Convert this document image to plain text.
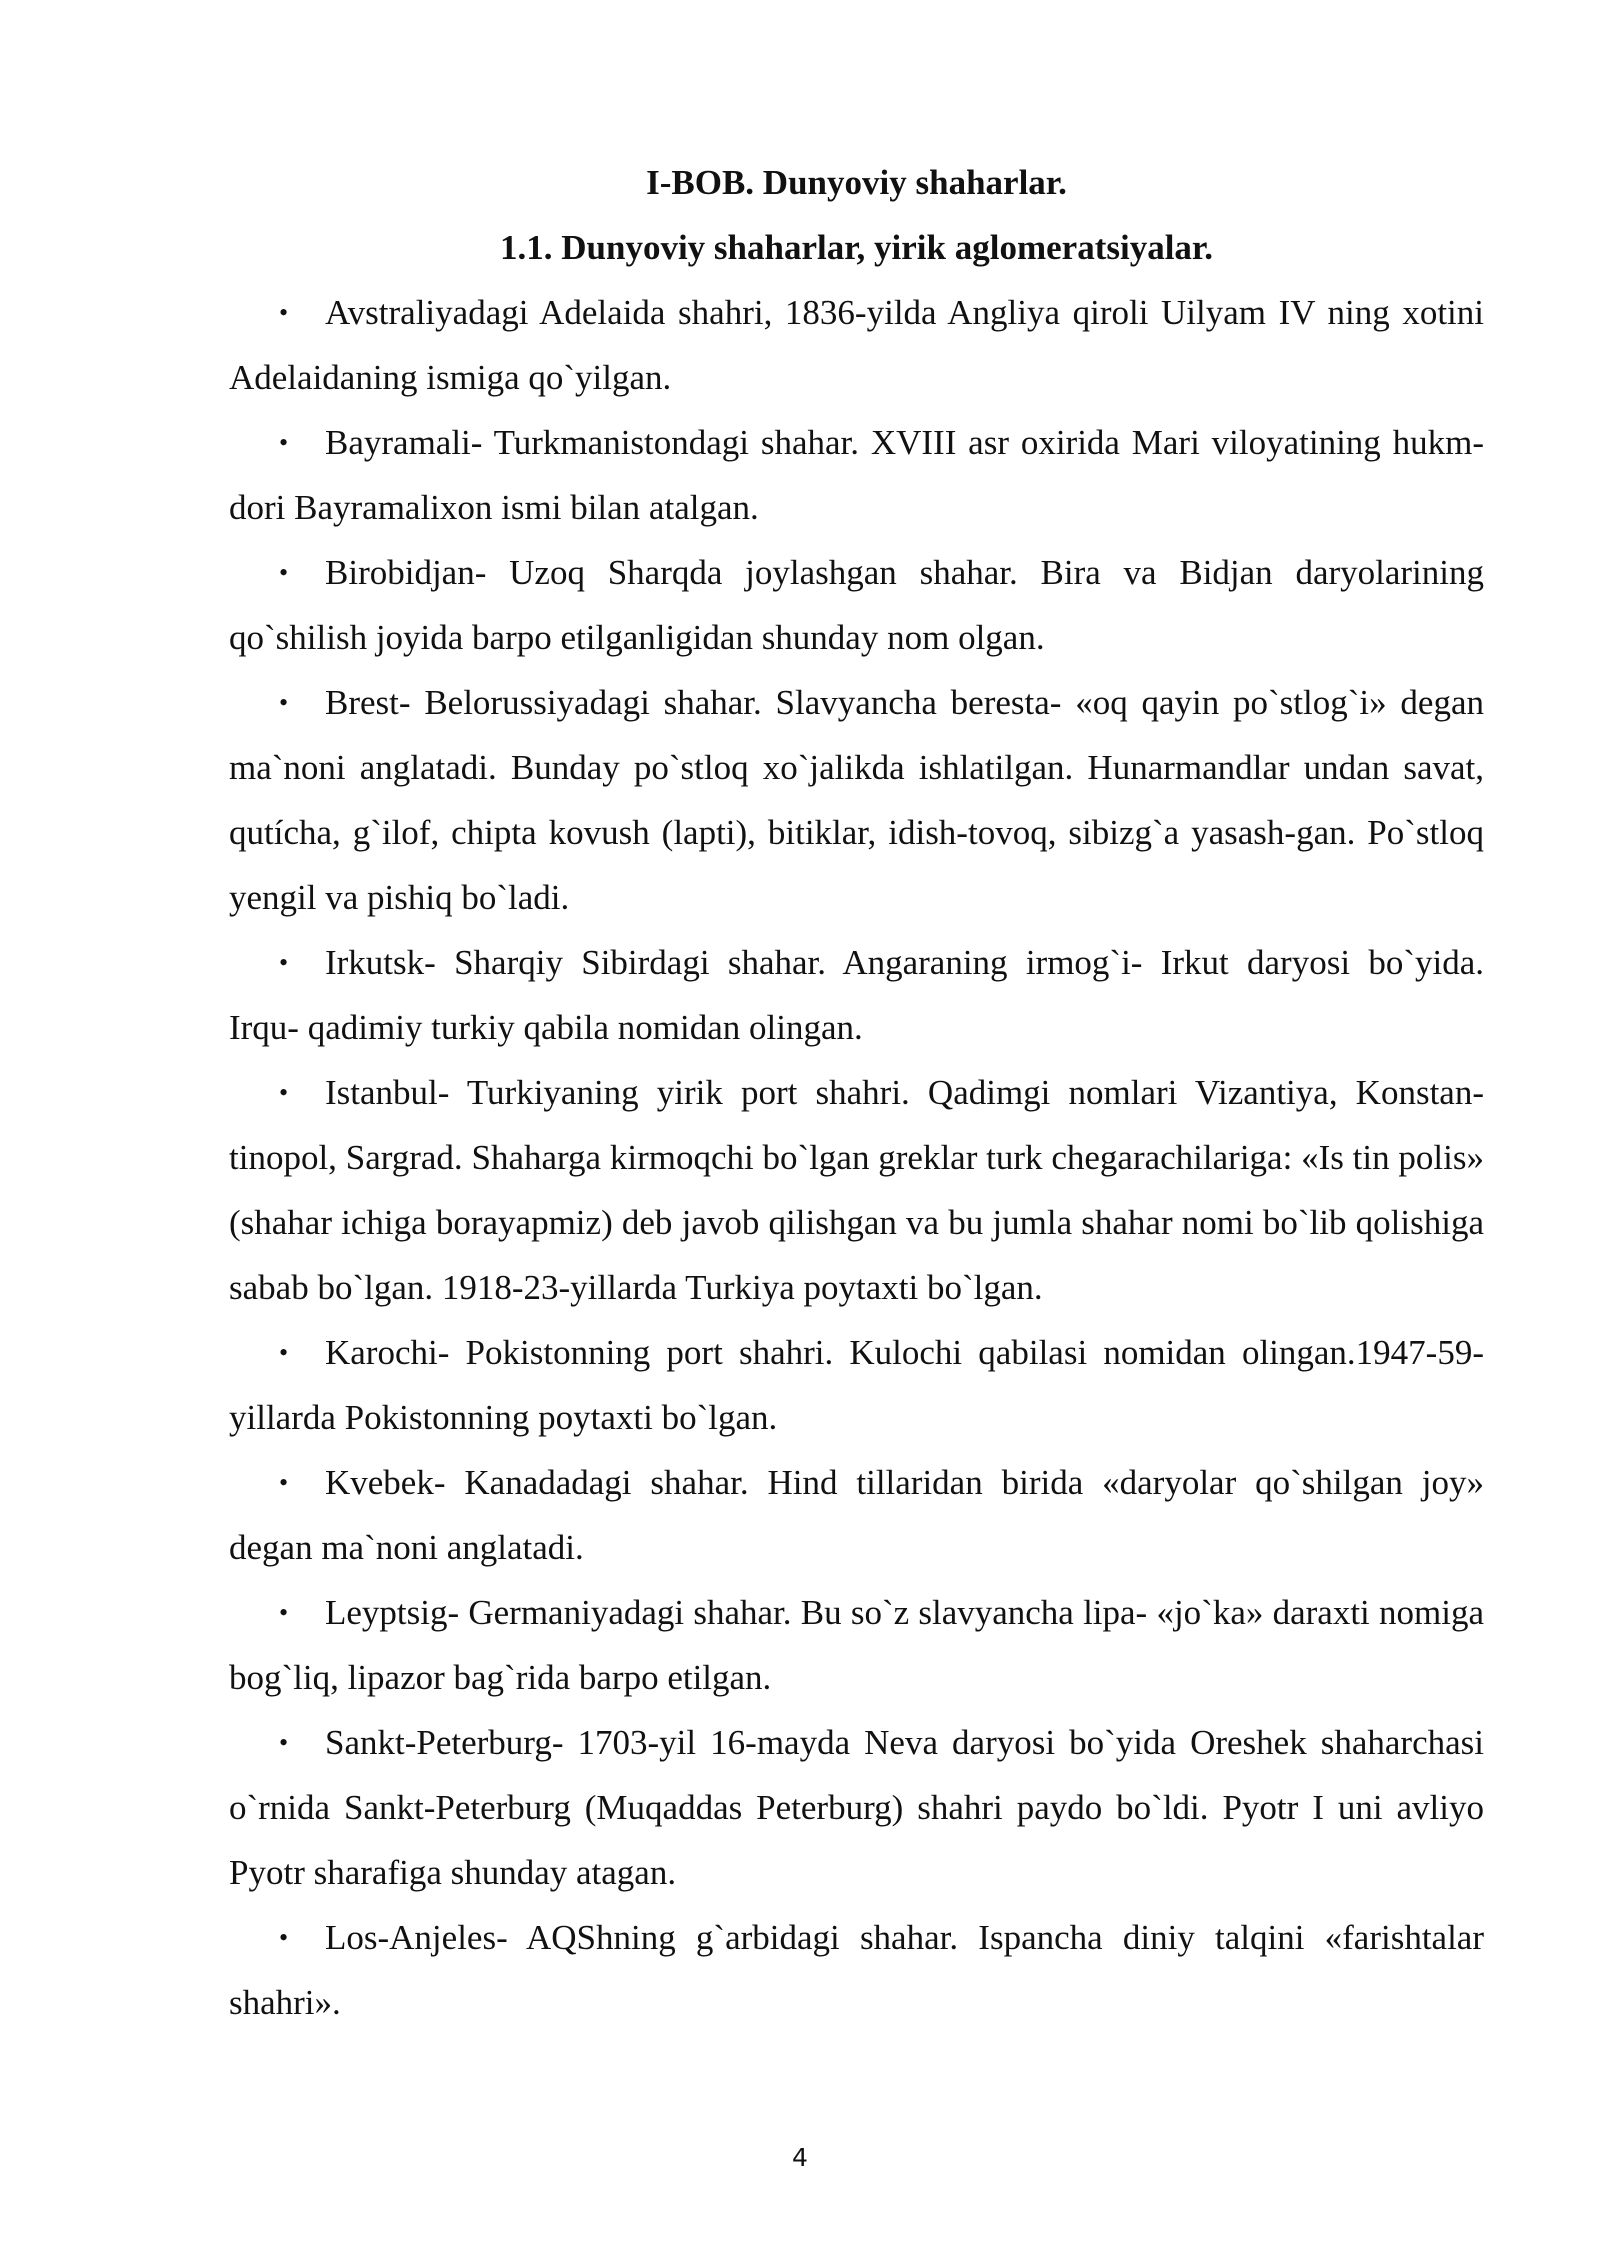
I-BOB. Dunyoviy shaharlar.
1.1. Dunyoviy shaharlar, yirik aglomeratsiyalar.
• Avstraliyadagi Adelaida shahri, 1836-yilda Angliya qiroli Uilyam IV ning xotini Adelaidaning ismiga qo`yilgan.
• Bayramali- Turkmanistondagi shahar. XVIII asr oxirida Mari viloyatining hukm-dori Bayramalixon ismi bilan atalgan.
• Birobidjan- Uzoq Sharqda joylashgan shahar. Bira va Bidjan daryolarining qo`shilish joyida barpo etilganligidan shunday nom olgan.
• Brest- Belorussiyadagi shahar. Slavyancha beresta- «oq qayin po`stlog`i» degan ma`noni anglatadi. Bunday po`stloq xo`jalikda ishlatilgan. Hunarmandlar undan savat, qutícha, g`ilof, chipta kovush (lapti), bitiklar, idish-tovoq, sibizg`a yasash-gan. Po`stloq yengil va pishiq bo`ladi.
• Irkutsk- Sharqiy Sibirdagi shahar. Angaraning irmog`i- Irkut daryosi bo`yida. Irqu- qadimiy turkiy qabila nomidan olingan.
• Istanbul- Turkiyaning yirik port shahri. Qadimgi nomlari Vizantiya, Konstan-tinopol, Sargrad. Shaharga kirmoqchi bo`lgan greklar turk chegarachilariga: «Is tin polis» (shahar ichiga borayapmiz) deb javob qilishgan va bu jumla shahar nomi bo`lib qolishiga sabab bo`lgan. 1918-23-yillarda Turkiya poytaxti bo`lgan.
• Karochi- Pokistonning port shahri. Kulochi qabilasi nomidan olingan.1947-59-yillarda Pokistonning poytaxti bo`lgan.
• Kvebek- Kanadadagi shahar. Hind tillaridan birida «daryolar qo`shilgan joy» degan ma`noni anglatadi.
• Leyptsig- Germaniyadagi shahar. Bu so`z slavyancha lipa- «jo`ka» daraxti nomiga bog`liq, lipazor bag`rida barpo etilgan.
• Sankt-Peterburg- 1703-yil 16-mayda Neva daryosi bo`yida Oreshek shaharchasi o`rnida Sankt-Peterburg (Muqaddas Peterburg) shahri paydo bo`ldi. Pyotr I uni avliyo Pyotr sharafiga shunday atagan.
• Los-Anjeles- AQShning g`arbidagi shahar. Ispancha diniy talqini «farishtalar shahri».
4
